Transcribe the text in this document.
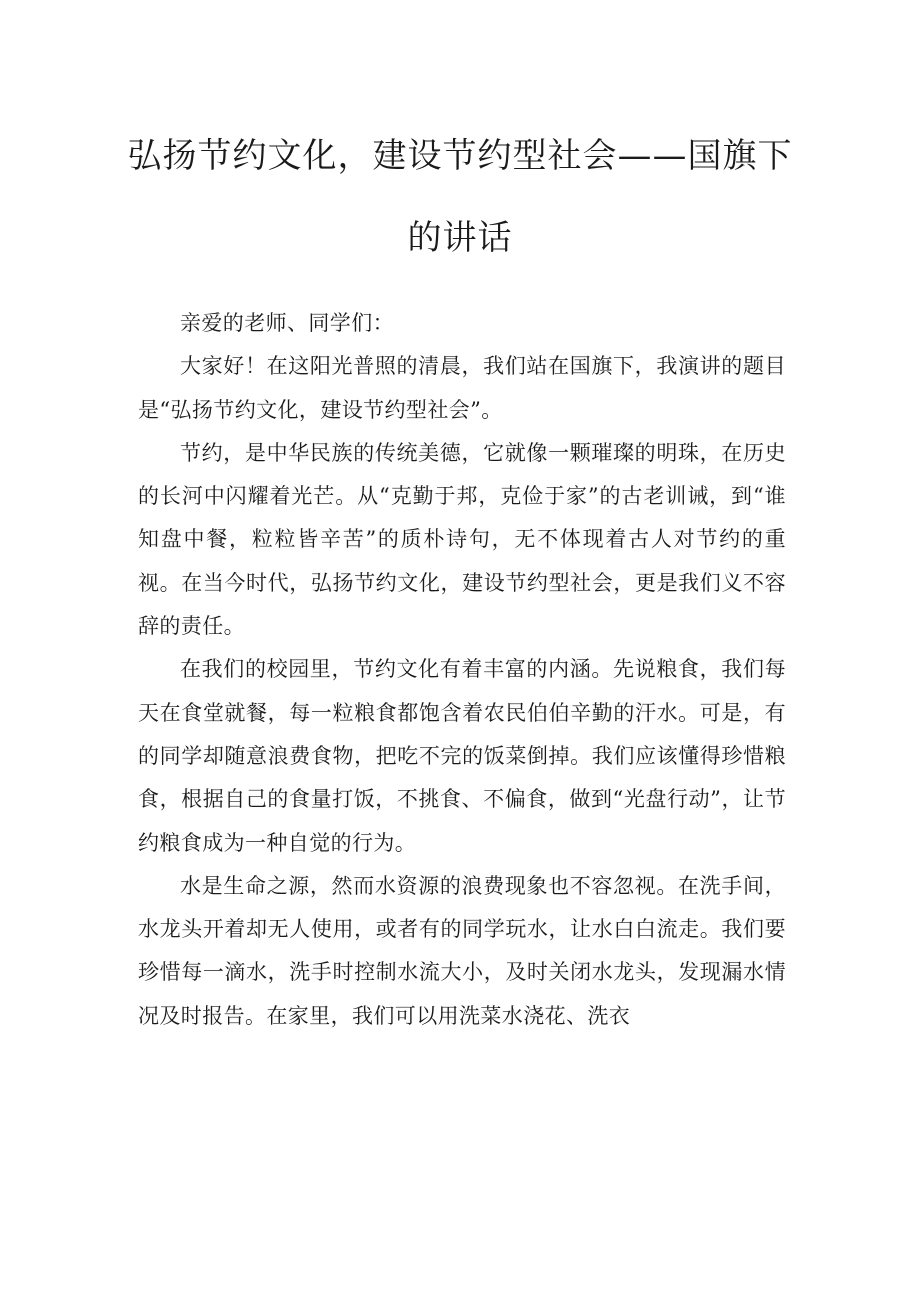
弘扬节约文化，建设节约型社会——国旗下
的讲话

亲爱的老师、同学们：

大家好！在这阳光普照的清晨，我们站在国旗下，我演讲的题目是“弘扬节约文化，建设节约型社会”。

节约，是中华民族的传统美德，它就像一颗璀璨的明珠，在历史的长河中闪耀着光芒。从“克勤于邦，克俭于家”的古老训诫，到“谁知盘中餐，粒粒皆辛苦”的质朴诗句，无不体现着古人对节约的重视。在当今时代，弘扬节约文化，建设节约型社会，更是我们义不容辞的责任。

在我们的校园里，节约文化有着丰富的内涵。先说粮食，我们每天在食堂就餐，每一粒粮食都饱含着农民伯伯辛勤的汗水。可是，有的同学却随意浪费食物，把吃不完的饭菜倒掉。我们应该懂得珍惜粮食，根据自己的食量打饭，不挑食、不偏食，做到“光盘行动”，让节约粮食成为一种自觉的行为。

水是生命之源，然而水资源的浪费现象也不容忽视。在洗手间，水龙头开着却无人使用，或者有的同学玩水，让水白白流走。我们要珍惜每一滴水，洗手时控制水流大小，及时关闭水龙头，发现漏水情况及时报告。在家里，我们可以用洗菜水浇花、洗衣
